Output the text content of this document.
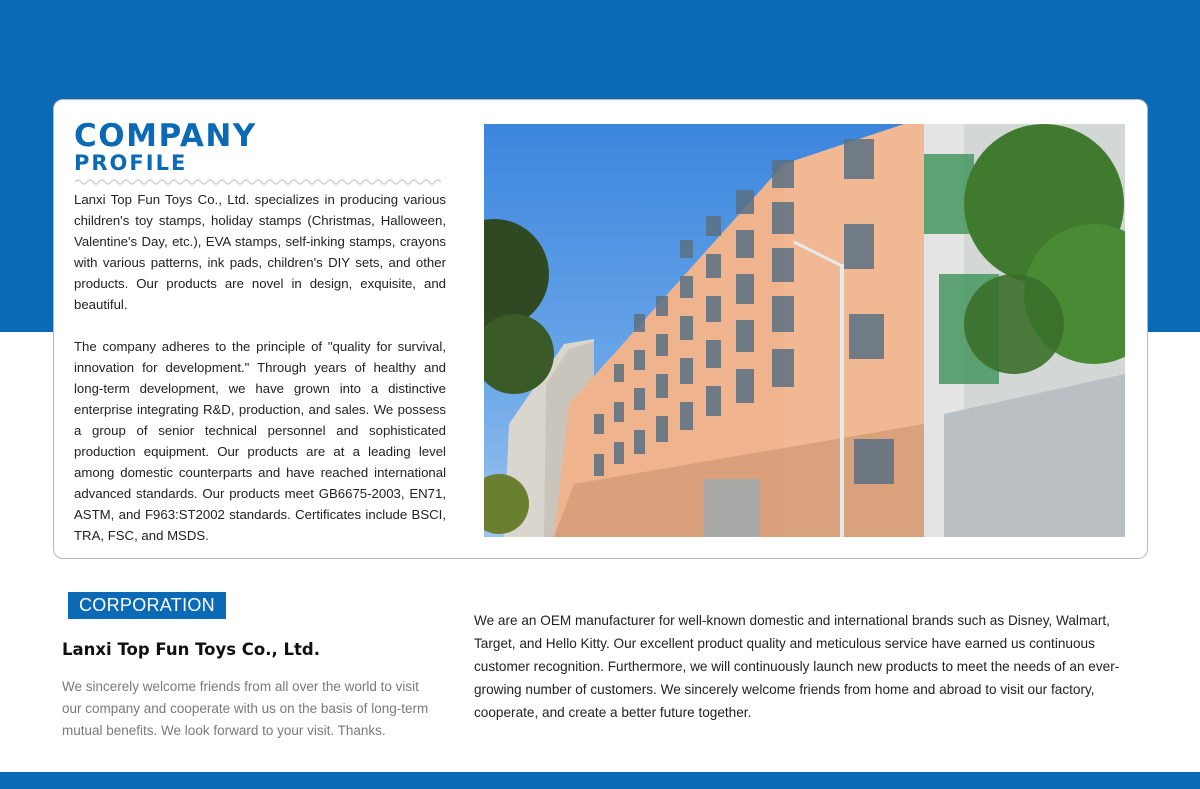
COMPANY
PROFILE

Lanxi Top Fun Toys Co., Ltd. specializes in producing various children's toy stamps, holiday stamps (Christmas, Halloween, Valentine's Day, etc.), EVA stamps, self-inking stamps, crayons with various patterns, ink pads, children's DIY sets, and other products. Our products are novel in design, exquisite, and beautiful.

The company adheres to the principle of "quality for survival, innovation for development." Through years of healthy and long-term development, we have grown into a distinctive enterprise integrating R&D, production, and sales. We possess a group of senior technical personnel and sophisticated production equipment. Our products are at a leading level among domestic counterparts and have reached international advanced standards. Our products meet GB6675-2003, EN71, ASTM, and F963:ST2002 standards. Certificates include BSCI, TRA, FSC, and MSDS.

CORPORATION
Lanxi Top Fun Toys Co., Ltd.
We sincerely welcome friends from all over the world to visit our company and cooperate with us on the basis of long-term mutual benefits. We look forward to your visit. Thanks.
We are an OEM manufacturer for well-known domestic and international brands such as Disney, Walmart, Target, and Hello Kitty. Our excellent product quality and meticulous service have earned us continuous customer recognition. Furthermore, we will continuously launch new products to meet the needs of an ever-growing number of customers. We sincerely welcome friends from home and abroad to visit our factory, cooperate, and create a better future together.
